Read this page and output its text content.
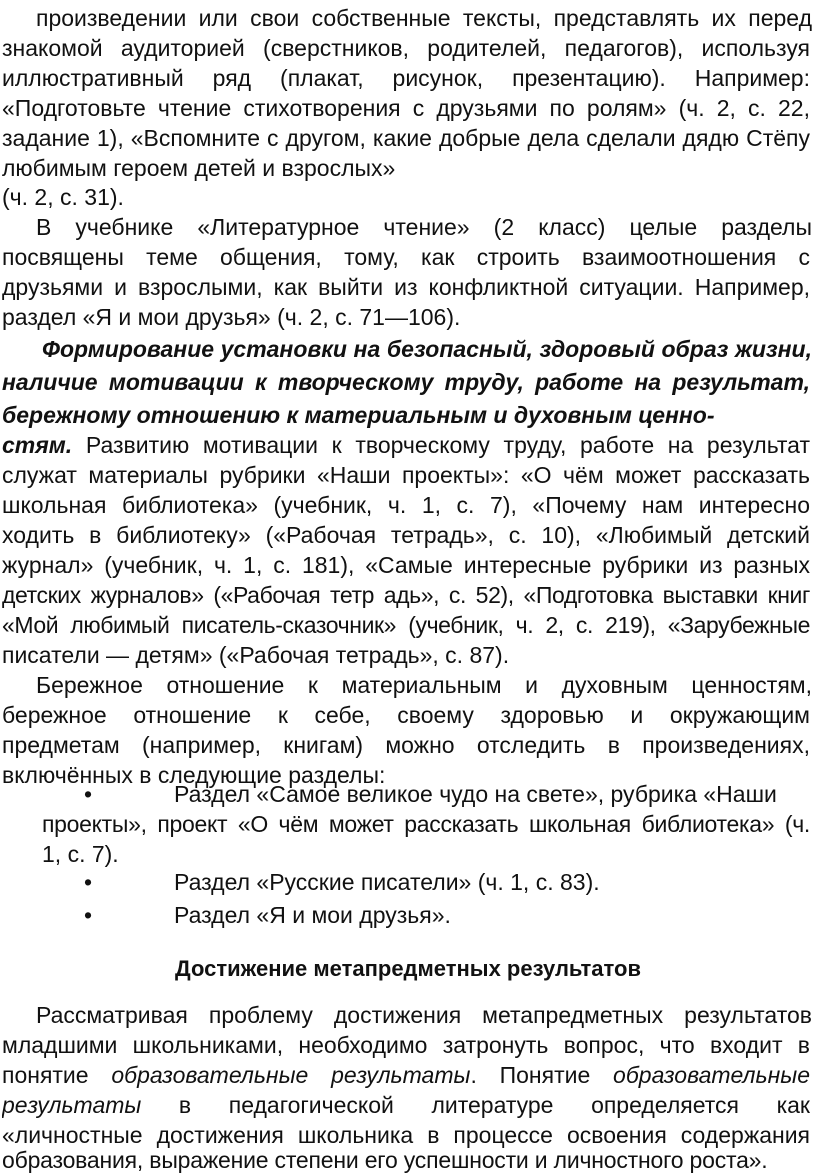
произведении или свои собственные тексты, представлять их перед
знакомой аудиторией (сверстников, родителей, педагогов), используя
иллюстративный ряд (плакат, рисунок, презентацию). Например:
«Подготовьте чтение стихотворения с друзьями по ролям» (ч. 2, с. 22,
задание 1), «Вспомните с другом, какие добрые дела сделали дядю Стёпу
любимым героем детей и взрослых»
(ч. 2, с. 31).
В учебнике «Литературное чтение» (2 класс) целые разделы
посвящены теме общения, тому, как строить взаимоотношения с
друзьями и взрослыми, как выйти из конфликтной ситуации. Например,
раздел «Я и мои друзья» (ч. 2, с. 71—106).
Формирование установки на безопасный, здоровый образ жизни,
наличие мотивации к творческому труду, работе на результат,
бережному отношению к материальным и духовным ценно-
стям. Развитию мотивации к творческому труду, работе на результат
служат материалы рубрики «Наши проекты»: «О чём может рассказать
школьная библиотека» (учебник, ч. 1, с. 7), «Почему нам интересно
ходить в библиотеку» («Рабочая тетрадь», с. 10), «Любимый детский
журнал» (учебник, ч. 1, с. 181), «Самые интересные рубрики из разных
детских журналов» («Рабочая тетр адь», с. 52), «Подготовка выставки книг
«Мой любимый писатель-сказочник» (учебник, ч. 2, с. 219), «Зарубежные
писатели — детям» («Рабочая тетрадь», с. 87).
Бережное отношение к материальным и духовным ценностям,
бережное отношение к себе, своему здоровью и окружающим
предметам (например, книгам) можно отследить в произведениях,
включённых в следующие разделы:
•	Раздел «Самое великое чудо на свете», рубрика «Наши
проекты», проект «О чём может рассказать школьная библиотека» (ч.
1, с. 7).
•	Раздел «Русские писатели» (ч. 1, с. 83).
•	Раздел «Я и мои друзья».
Достижение метапредметных результатов
Рассматривая проблему достижения метапредметных результатов
младшими школьниками, необходимо затронуть вопрос, что входит в
понятие образовательные результаты. Понятие образовательные
результаты в педагогической литературе определяется как
«личностные достижения школьника в процессе освоения содержания
образования, выражение степени его успешности и личностного роста».
